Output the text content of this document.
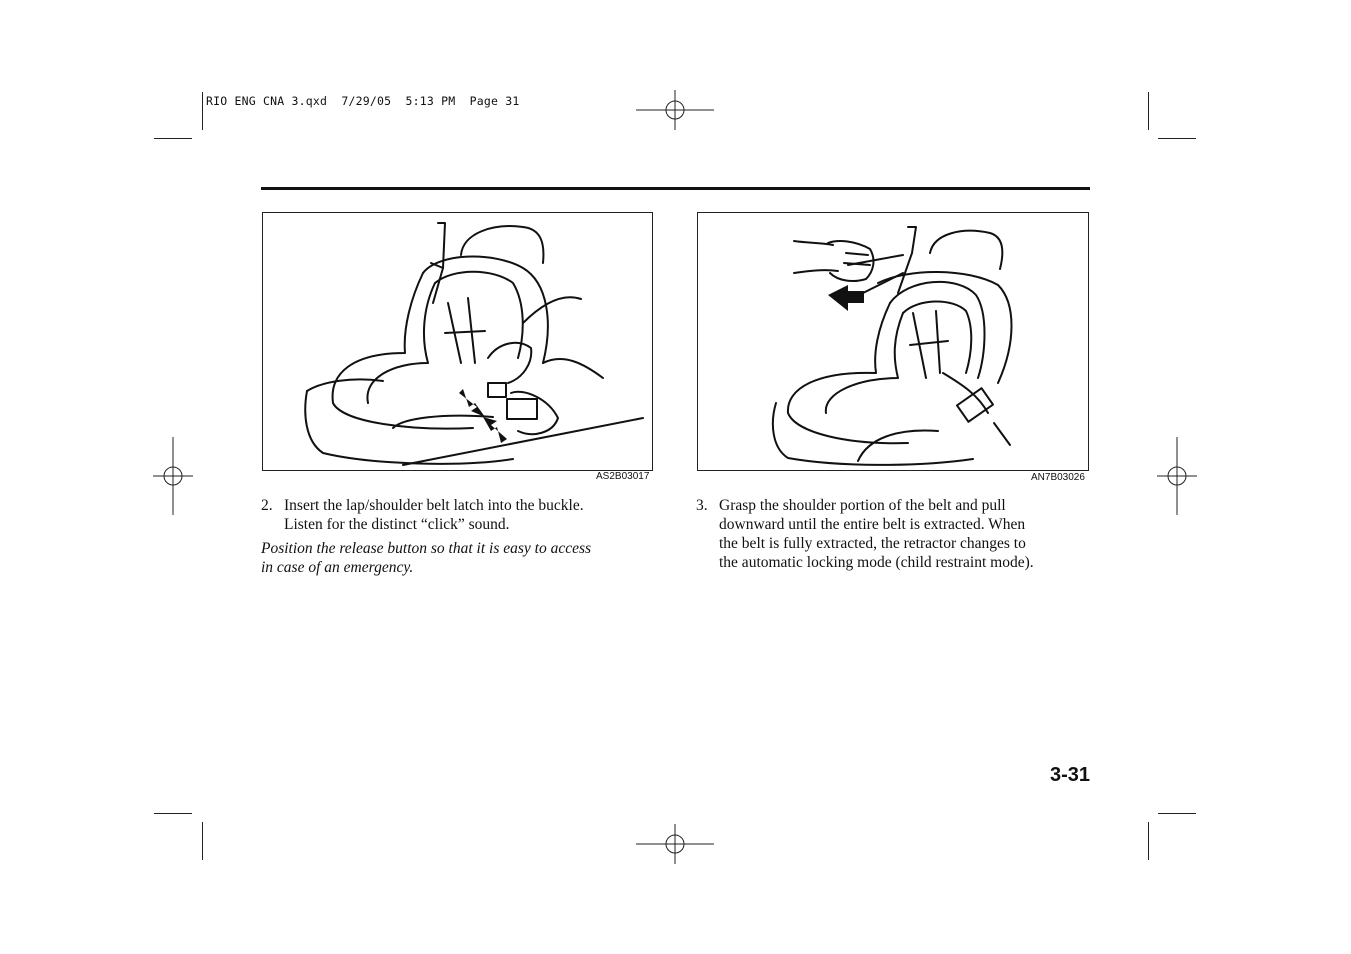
RIO ENG CNA 3.qxd  7/29/05  5:13 PM  Page 31
AS2B03017	AN7B03026
2. Insert the lap/shoulder belt latch into the buckle.
Listen for the distinct “click” sound.
Position the release button so that it is easy to access
in case of an emergency.
3. Grasp the shoulder portion of the belt and pull
downward until the entire belt is extracted. When
the belt is fully extracted, the retractor changes to
the automatic locking mode (child restraint mode).
3-31
